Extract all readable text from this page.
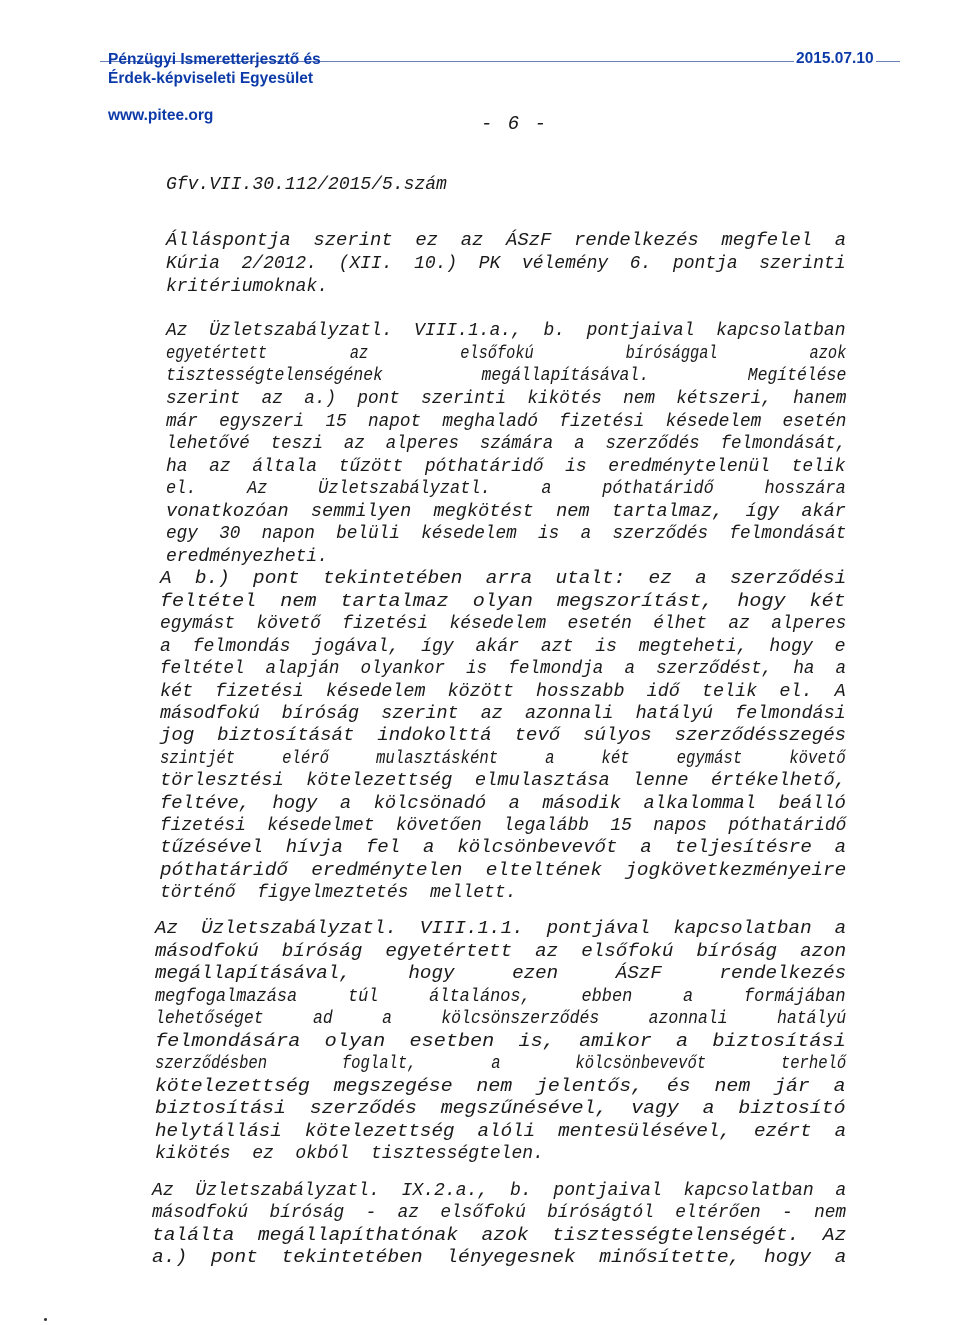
Pénzügyi Ismeretterjesztő és
Érdek-képviseleti Egyesület
2015.07.10
www.pitee.org	- 6 -
Gfv.VII.30.112/2015/5.szám
Álláspontja  szerint  ez  az  ÁSzF  rendelkezés  megfelel  a
Kúria  2/2012.  (XII.  10.)  PK  vélemény  6.  pontja  szerinti
kritériumoknak.
Az  Üzletszabályzatl.  VIII.1.a.,  b.  pontjaival  kapcsolatban
egyetértett         az          elsőfokú          bírósággal          azok
tisztességtelenségének          megállapításával.          Megítélése
szerint  az  a.)  pont  szerinti  kikötés  nem  kétszeri,  hanem
már  egyszeri  15  napot  meghaladó  fizetési  késedelem  esetén
lehetővé  teszi  az  alperes  számára  a  szerződés  felmondását,
ha  az  általa  tűzött  póthatáridő  is  eredménytelenül  telik
el.     Az     Üzletszabályzatl.     a     póthatáridő     hosszára
vonatkozóan  semmilyen  megkötést  nem  tartalmaz,  így  akár
egy  30  napon  belüli  késedelem  is  a  szerződés  felmondását
eredményezheti.
A  b.)  pont  tekintetében  arra  utalt:  ez  a  szerződési
feltétel  nem  tartalmaz  olyan  megszorítást,  hogy  két
egymást  követő  fizetési  késedelem  esetén  élhet  az  alperes
a  felmondás  jogával,  így  akár  azt  is  megteheti,  hogy  e
feltétel  alapján  olyankor  is  felmondja  a  szerződést,  ha  a
két  fizetési  késedelem  között  hosszabb  idő  telik  el.  A
másodfokú  bíróság  szerint  az  azonnali  hatályú  felmondási
jog  biztosítását  indokolttá  tevő  súlyos  szerződésszegés
szintjét     elérő     mulasztásként     a     két     egymást     követő
törlesztési  kötelezettség  elmulasztása  lenne  értékelhető,
feltéve,  hogy  a  kölcsönadó  a  második  alkalommal  beálló
fizetési  késedelmet  követően  legalább  15  napos  póthatáridő
tűzésével  hívja  fel  a  kölcsönbevevőt  a  teljesítésre  a
póthatáridő  eredménytelen  elteltének  jogkövetkezményeire
történő  figyelmeztetés  mellett.
Az  Üzletszabályzatl.  VIII.1.1.  pontjával  kapcsolatban  a
másodfokú  bíróság  egyetértett  az  elsőfokú  bíróság  azon
megállapításával,     hogy     ezen     ÁSzF     rendelkezés
megfogalmazása     túl     általános,     ebben     a     formájában
lehetőséget     ad     a     kölcsönszerződés     azonnali     hatályú
felmondására  olyan  esetben  is,  amikor  a  biztosítási
szerződésben        foglalt,        a        kölcsönbevevőt        terhelő
kötelezettség  megszegése  nem  jelentős,  és  nem  jár  a
biztosítási  szerződés  megszűnésével,  vagy  a  biztosító
helytállási  kötelezettség  alóli  mentesülésével,  ezért  a
kikötés  ez  okból  tisztességtelen.
Az  Üzletszabályzatl.  IX.2.a.,  b.  pontjaival  kapcsolatban  a
másodfokú  bíróság  -  az  elsőfokú  bíróságtól  eltérően  -  nem
találta  megállapíthatónak  azok  tisztességtelenségét.  Az
a.)  pont  tekintetében  lényegesnek  minősítette,  hogy  a
